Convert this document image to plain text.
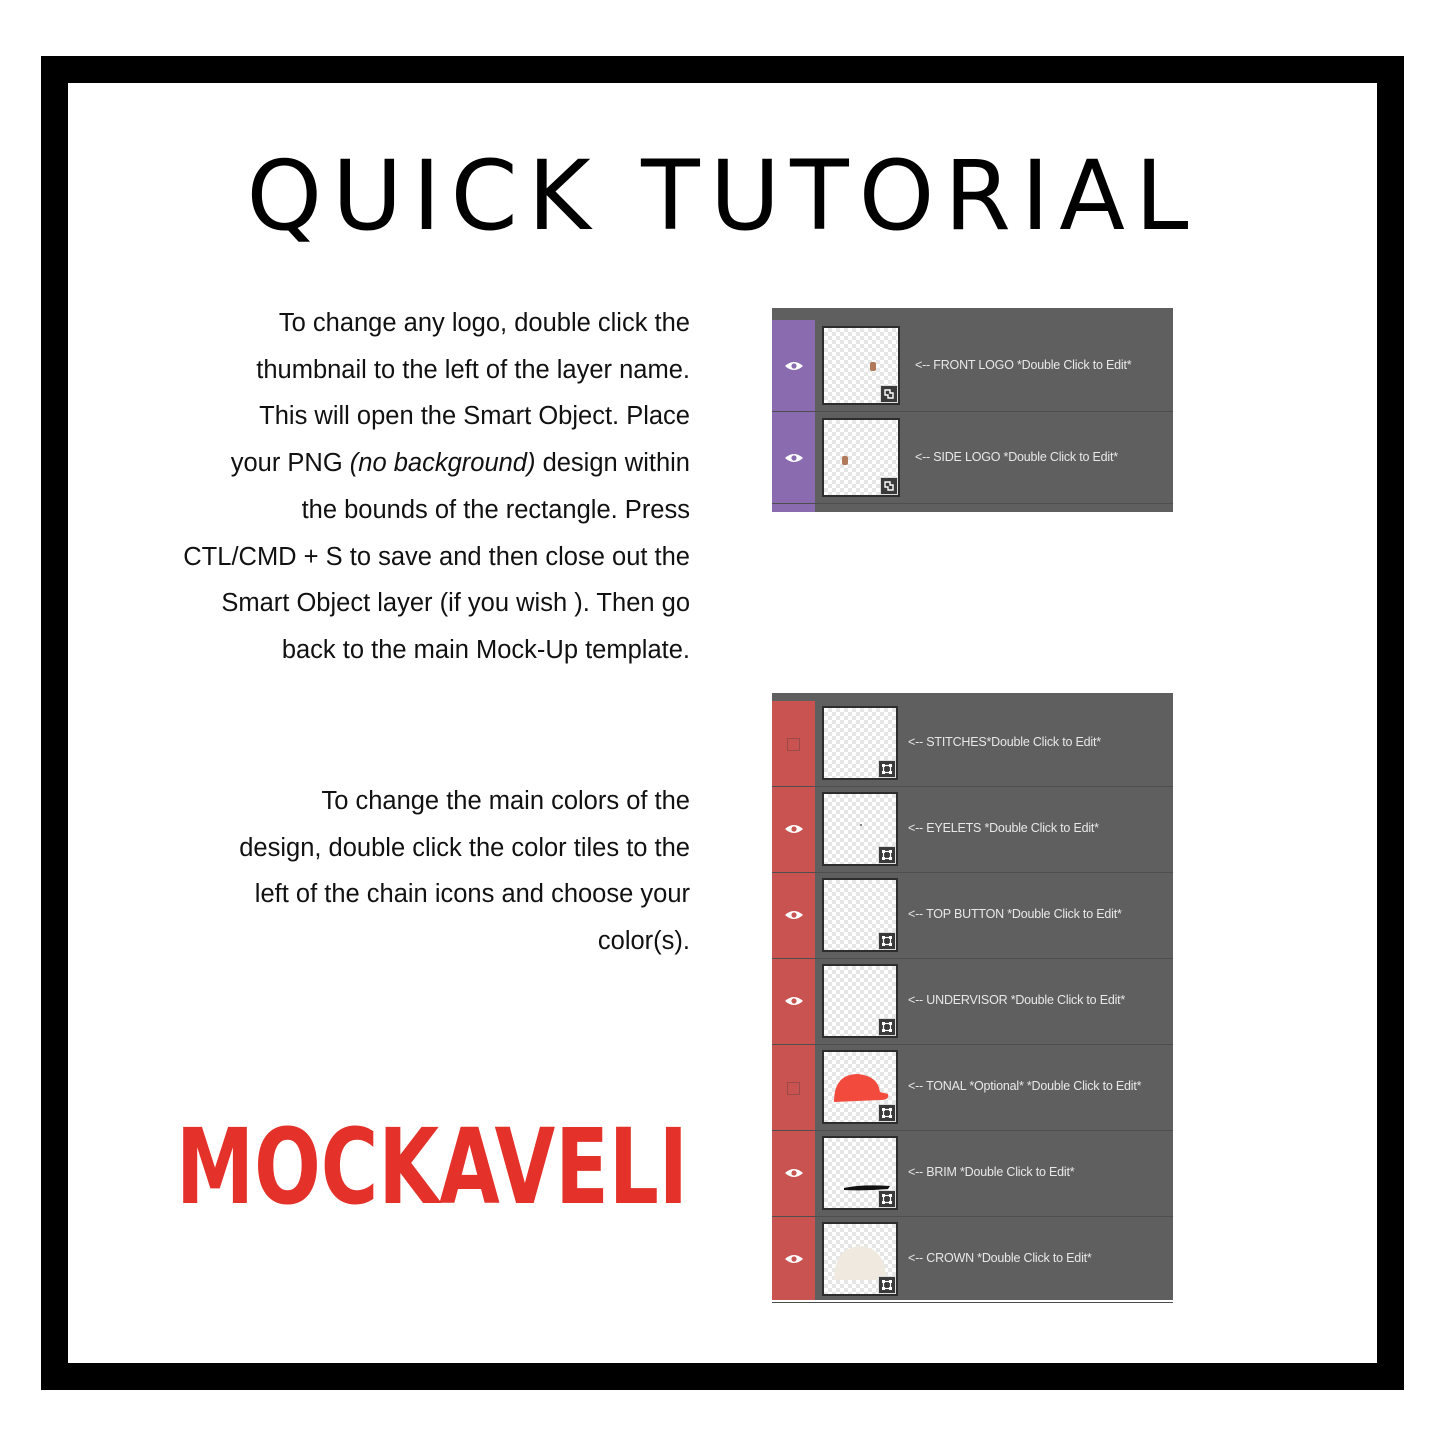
QUICK TUTORIAL
To change any logo, double click the
thumbnail to the left of the layer name.
This will open the Smart Object. Place
your PNG (no background) design within
the bounds of the rectangle. Press
CTL/CMD + S to save and then close out the
Smart Object layer (if you wish ). Then go
back to the main Mock-Up template.
To change the main colors of the
design, double click the color tiles to the
left of the chain icons and choose your
color(s).
<-- FRONT LOGO *Double Click to Edit*
<-- SIDE LOGO *Double Click to Edit*
<-- STITCHES*Double Click to Edit*
<-- EYELETS *Double Click to Edit*
<-- TOP BUTTON *Double Click to Edit*
<-- UNDERVISOR *Double Click to Edit*
<-- TONAL *Optional* *Double Click to Edit*
<-- BRIM *Double Click to Edit*
<-- CROWN *Double Click to Edit*
MOCKAVELI
